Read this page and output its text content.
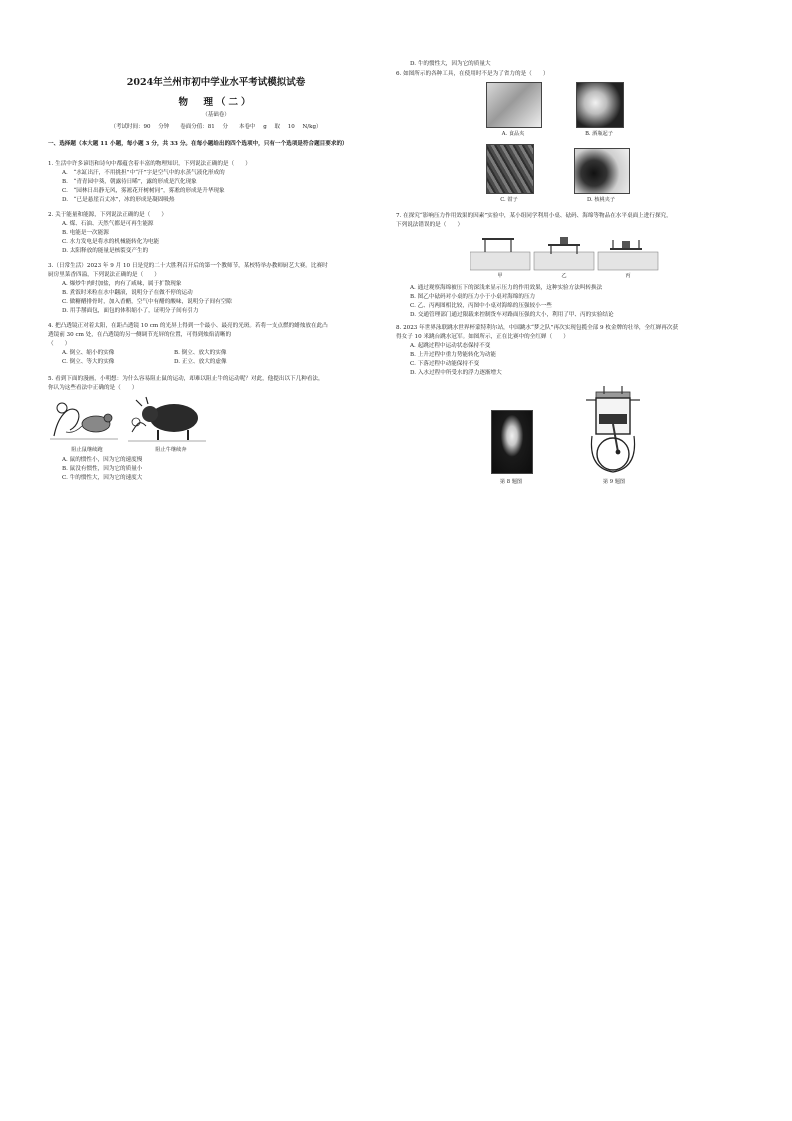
2024年兰州市初中学业水平考试模拟试卷
物　理（二）
（基础卷）
（考试时间：90 分钟　　卷面分值：81 分　　本卷中 g 取 10 N/kg）
一、选择题（本大题 11 小题，每小题 3 分，共 33 分。在每小题给出的四个选项中，只有一个选项是符合题目要求的）
1. 生活中许多谚语和诗句中都蕴含着丰富的物理知识，下列说法正确的是（　　）
A.　“水缸出汗，不用挑担”中“汗”字是空气中的水蒸气液化形成的
B.　“青青园中葵，朝露待日晞”，露的形成是汽化现象
C.　“园林日出静无风，雾凇花开树树同”，雾凇的形成是升华现象
D.　“已是悬崖百丈冰”，冰的形成是凝固吸热
2. 关于能量和能源，下列说法正确的是（　　）
A. 煤、石油、天然气都是可再生能源
B. 电能是一次能源
C. 水力发电是将水的机械能转化为电能
D. 太阳释放的能量是核裂变产生的
3.（日常生活）2023 年 9 月 10 日是党的二十大胜利召开后的第一个教师节，某校特举办教师厨艺大赛。比赛时
厨房里菜香四溢，下列说法正确的是（　　）
A. 爆炒牛肉时加盐，肉有了咸味，属于扩散现象
B. 煮饭时米粒在水中翻滚，说明分子在做不停的运动
C. 做糖醋排骨时，加入香醋，空气中有醋的酸味，说明分子间有空隙
D. 用手掰面包，面包的体积缩小了，证明分子间有引力
4. 把凸透镜正对着太阳，在距凸透镜 10 cm 的光屏上得到一个最小、最亮的光斑。若将一支点燃的蜡烛放在此凸
透镜前 30 cm 处，在凸透镜的另一侧调节光屏的位置，可得到烛焰清晰的
（　　）
A. 倒立、缩小的实像	B. 倒立、放大的实像
C. 倒立、等大的实像	D. 正立、放大的虚像
5. 看到下面的漫画，小明想：为什么容易阻止鼠的运动，却难以阻止牛的运动呢？对此，他提出以下几种看法，
你认为这些看法中正确的是（　　）
阻止鼠继续跑	阻止牛继续奔
A. 鼠的惯性小，因为它的速度慢
B. 鼠没有惯性，因为它的质量小
C. 牛的惯性大，因为它的速度大
D. 牛的惯性大，因为它的质量大
6. 如图所示的各种工具，在使用时不是为了省力的是（　　）
A. 食品夹	B. 酒瓶起子
C. 钳子	D. 核桃夹子
7. 在探究“影响压力作用效果的因素”实验中，某小组同学利用小桌、砝码、海绵等物品在水平桌面上进行探究，
下列说法错误的是（　　）
甲	乙	丙
A. 通过观察海绵被压下的深浅来显示压力的作用效果，这种实验方法叫转换法
B. 图乙中砝码对小桌的压力小于小桌对海绵的压力
C. 乙、丙两图相比较，丙图中小桌对海绵的压强较小一些
D. 交通管理部门通过限载来控制货车对路面压强的大小，利用了甲、丙的实验结论
8. 2023 年世界泳联跳水世界杯蒙特利尔站，中国跳水“梦之队”再次实现包揽全部 9 枚金牌的壮举，全红婵再次获
得女子 10 米跳台跳水冠军。如图所示，正在比赛中的全红婵（　　）
A. 起跳过程中运动状态保持不变
B. 上升过程中重力势能转化为动能
C. 下落过程中动能保持不变
D. 入水过程中所受水的浮力逐渐增大
第 8 题图	第 9 题图
